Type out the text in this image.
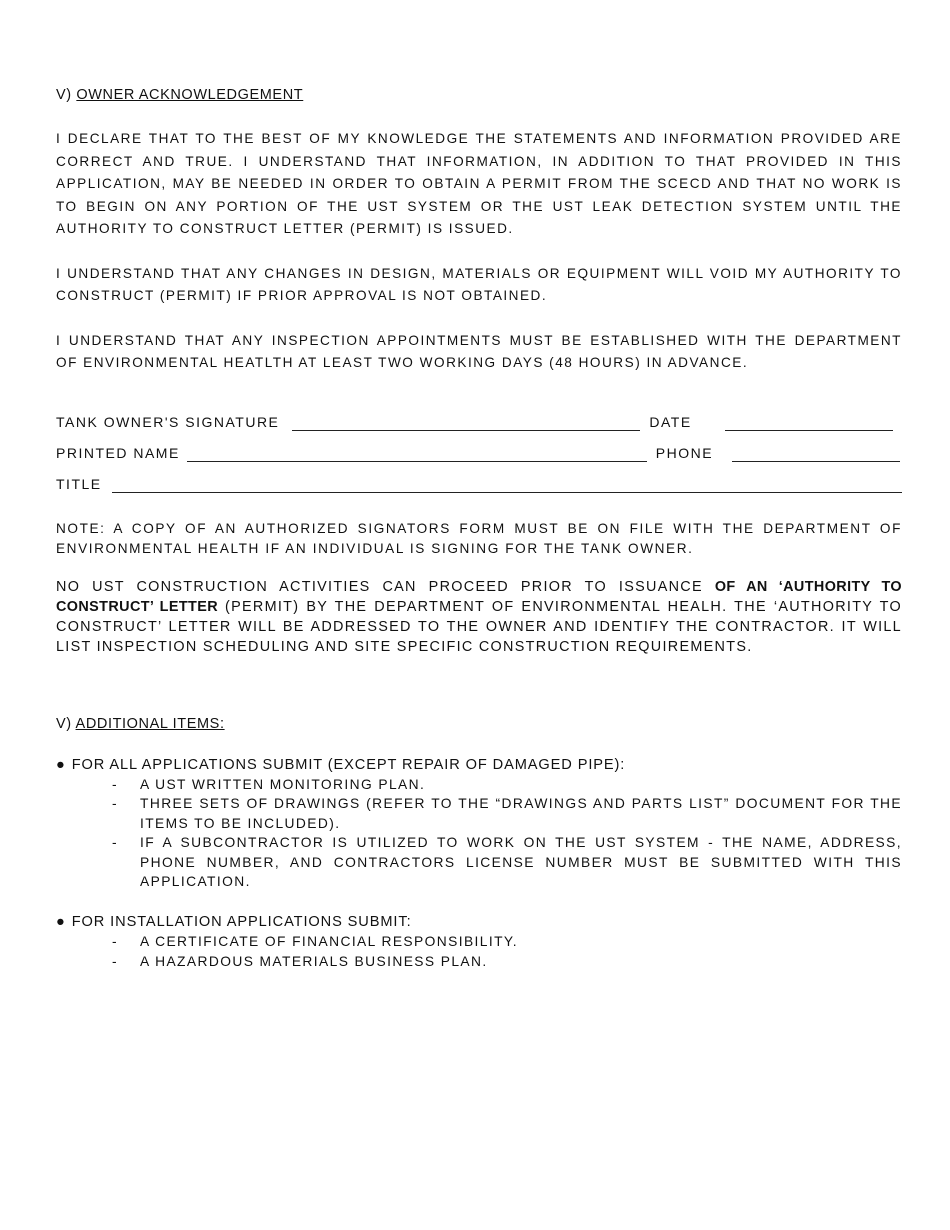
V) OWNER ACKNOWLEDGEMENT

I DECLARE THAT TO THE BEST OF MY KNOWLEDGE THE STATEMENTS AND INFORMATION PROVIDED ARE CORRECT AND TRUE. I UNDERSTAND THAT INFORMATION, IN ADDITION TO THAT PROVIDED IN THIS APPLICATION, MAY BE NEEDED IN ORDER TO OBTAIN A PERMIT FROM THE SCECD AND THAT NO WORK IS TO BEGIN ON ANY PORTION OF THE UST SYSTEM OR THE UST LEAK DETECTION SYSTEM UNTIL THE AUTHORITY TO CONSTRUCT LETTER (PERMIT) IS ISSUED.

I UNDERSTAND THAT ANY CHANGES IN DESIGN, MATERIALS OR EQUIPMENT WILL VOID MY AUTHORITY TO CONSTRUCT (PERMIT) IF PRIOR APPROVAL IS NOT OBTAINED.

I UNDERSTAND THAT ANY INSPECTION APPOINTMENTS MUST BE ESTABLISHED WITH THE DEPARTMENT OF ENVIRONMENTAL HEATLTH AT LEAST TWO WORKING DAYS (48 HOURS) IN ADVANCE.

TANK OWNER'S SIGNATURE	DATE
PRINTED NAME	PHONE
TITLE

NOTE: A COPY OF AN AUTHORIZED SIGNATORS FORM MUST BE ON FILE WITH THE DEPARTMENT OF ENVIRONMENTAL HEALTH IF AN INDIVIDUAL IS SIGNING FOR THE TANK OWNER.

NO UST CONSTRUCTION ACTIVITIES CAN PROCEED PRIOR TO ISSUANCE OF AN ‘AUTHORITY TO CONSTRUCT’ LETTER (PERMIT) BY THE DEPARTMENT OF ENVIRONMENTAL HEALH. THE ‘AUTHORITY TO CONSTRUCT’ LETTER WILL BE ADDRESSED TO THE OWNER AND IDENTIFY THE CONTRACTOR. IT WILL LIST INSPECTION SCHEDULING AND SITE SPECIFIC CONSTRUCTION REQUIREMENTS.

V) ADDITIONAL ITEMS:

● FOR ALL APPLICATIONS SUBMIT (EXCEPT REPAIR OF DAMAGED PIPE):

- A UST WRITTEN MONITORING PLAN.
- THREE SETS OF DRAWINGS (REFER TO THE “DRAWINGS AND PARTS LIST” DOCUMENT FOR THE ITEMS TO BE INCLUDED).
- IF A SUBCONTRACTOR IS UTILIZED TO WORK ON THE UST SYSTEM - THE NAME, ADDRESS, PHONE NUMBER, AND CONTRACTORS LICENSE NUMBER MUST BE SUBMITTED WITH THIS APPLICATION.

● FOR INSTALLATION APPLICATIONS SUBMIT:

- A CERTIFICATE OF FINANCIAL RESPONSIBILITY.
- A HAZARDOUS MATERIALS BUSINESS PLAN.
